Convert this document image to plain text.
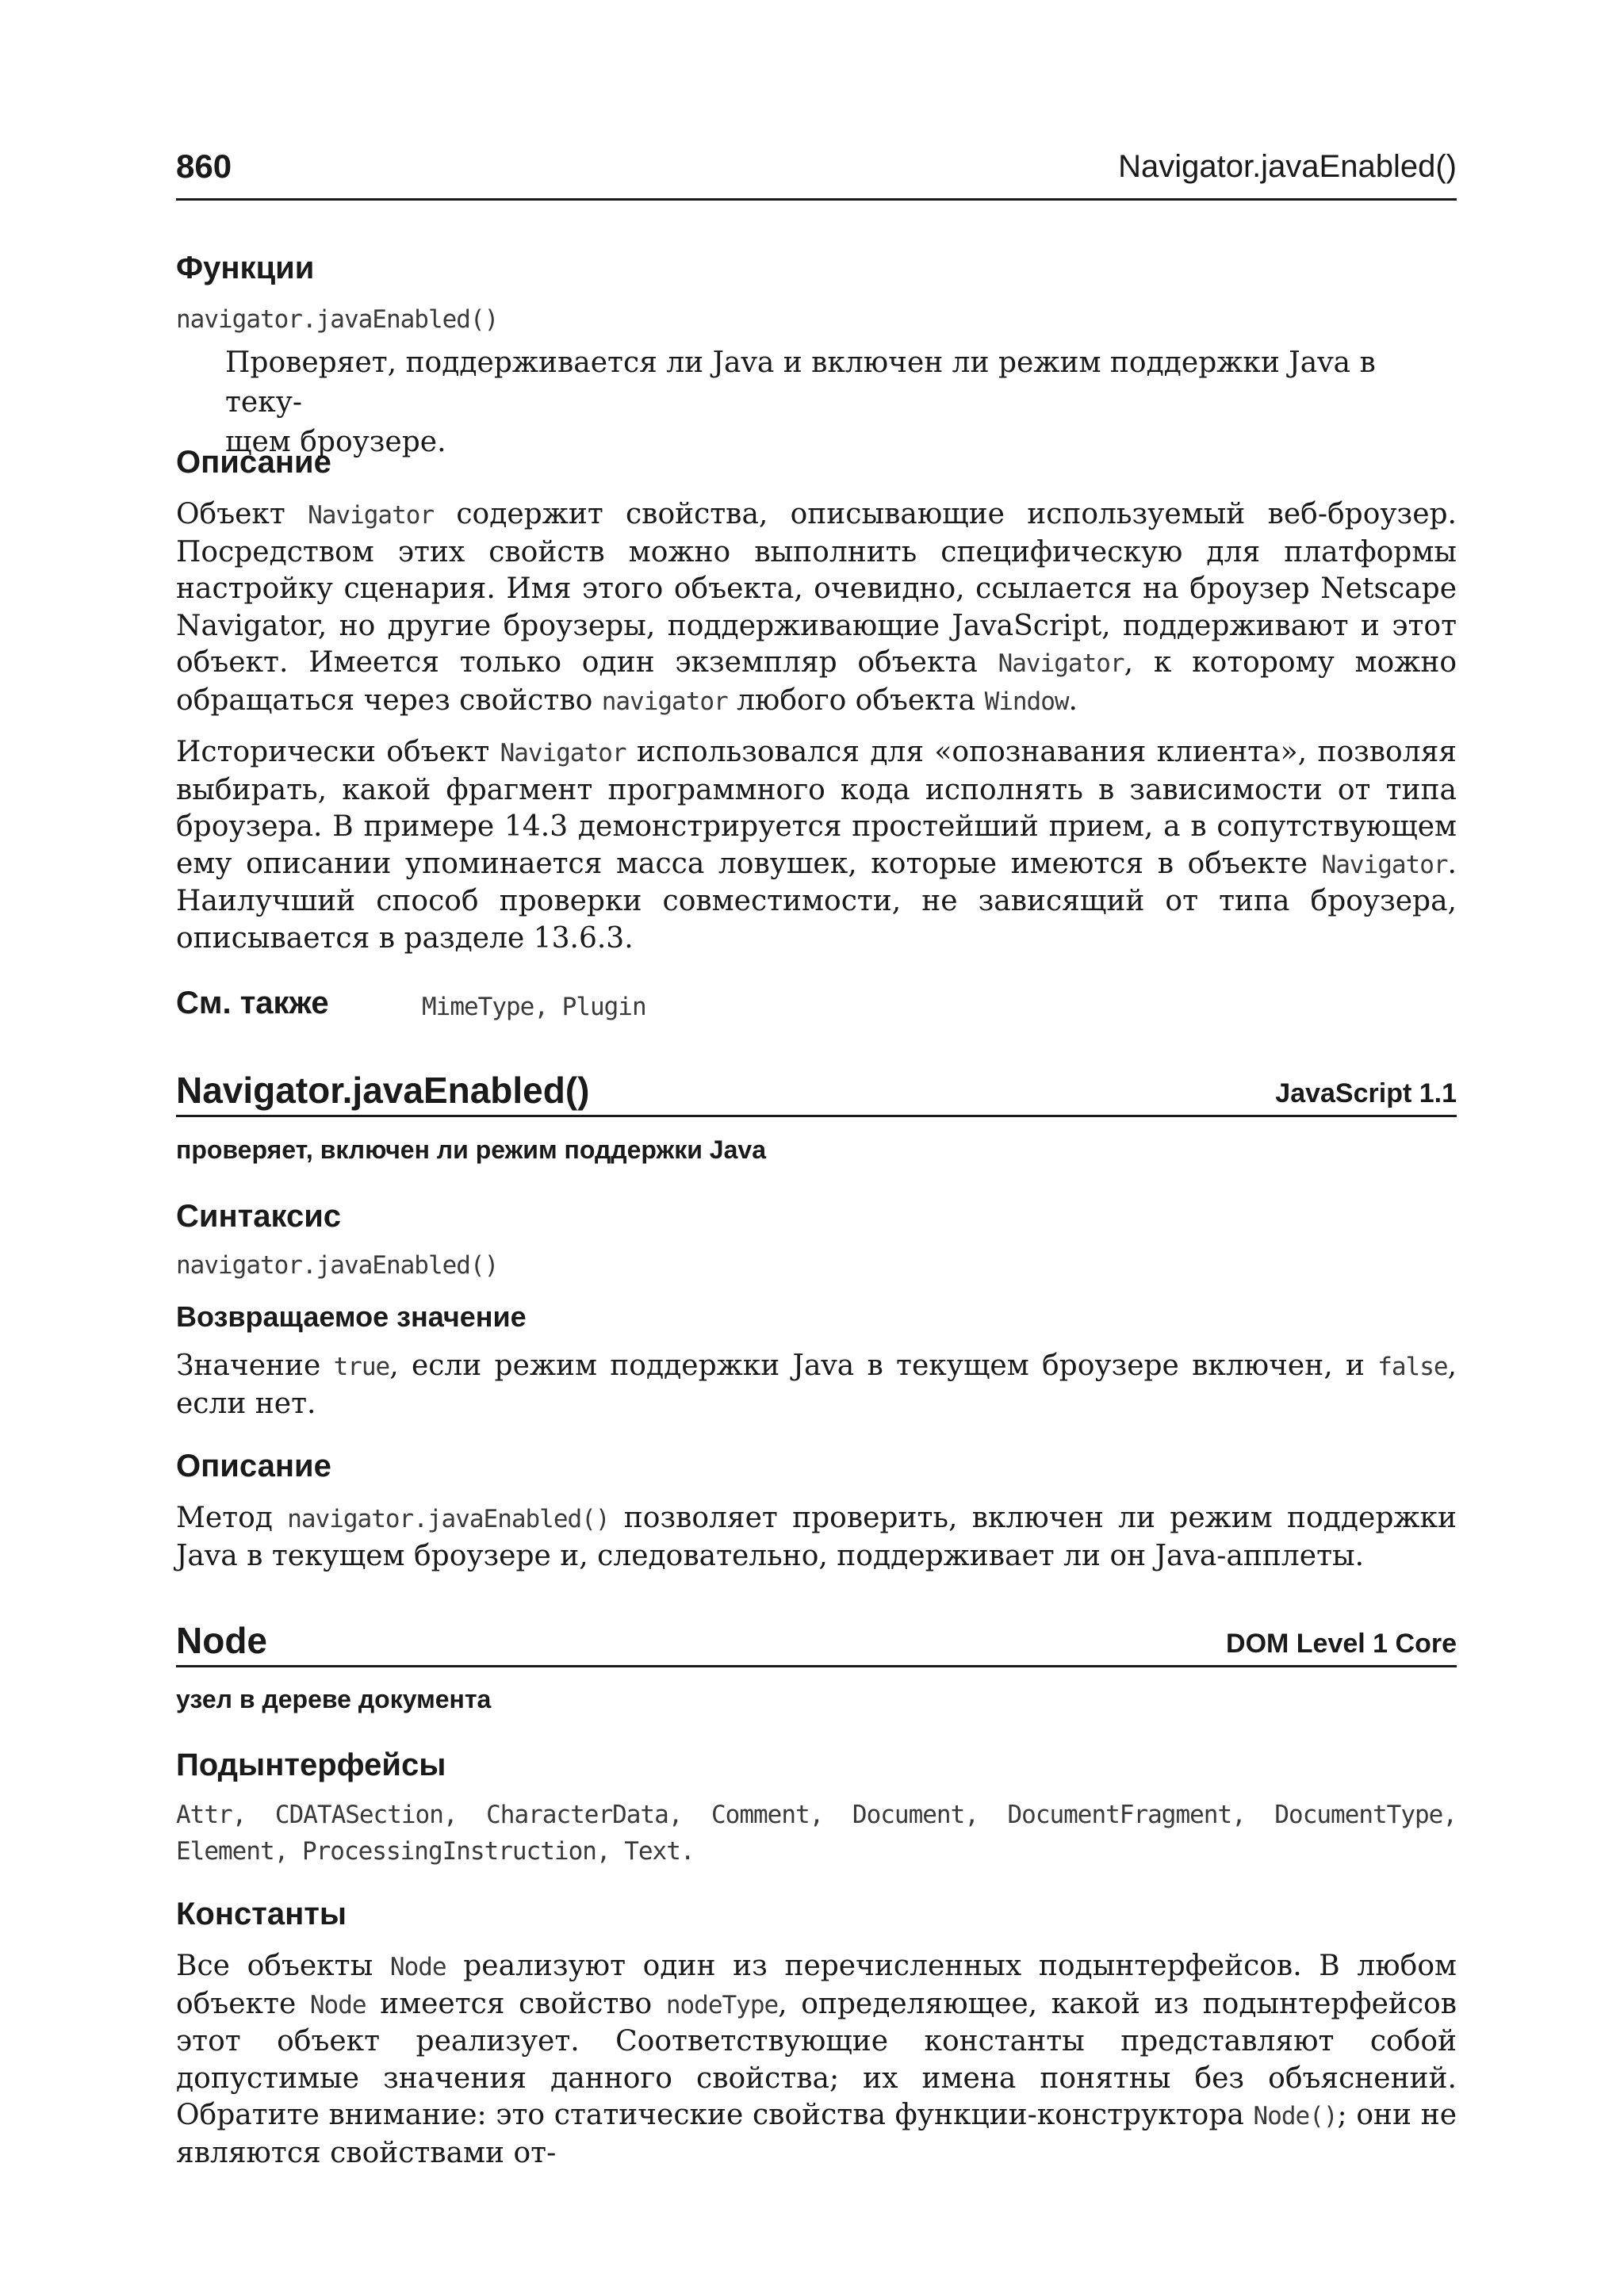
860	Navigator.javaEnabled()
Функции
navigator.javaEnabled()
Проверяет, поддерживается ли Java и включен ли режим поддержки Java в теку-
щем броузере.
Описание

Объект Navigator содержит свойства, описывающие используемый веб-броузер. Посредством этих свойств можно выполнить специфическую для платформы настройку сценария. Имя этого объекта, очевидно, ссылается на броузер Netscape Navigator, но другие броузеры, поддерживающие JavaScript, поддерживают и этот объект. Имеется только один экземпляр объекта Navigator, к которому можно обращаться через свойство navigator любого объекта Window.

Исторически объект Navigator использовался для «опознавания клиента», позволяя выбирать, какой фрагмент программного кода исполнять в зависимости от типа броузера. В примере 14.3 демонстрируется простейший прием, а в сопутствующем ему описании упоминается масса ловушек, которые имеются в объекте Navigator. Наилучший способ проверки совместимости, не зависящий от типа броузера, описывается в разделе 13.6.3.

См. также	MimeType, Plugin
Navigator.javaEnabled()	JavaScript 1.1
проверяет, включен ли режим поддержки Java
Синтаксис
navigator.javaEnabled()
Возвращаемое значение

Значение true, если режим поддержки Java в текущем броузере включен, и false, если нет.

Описание

Метод navigator.javaEnabled() позволяет проверить, включен ли режим поддержки Java в текущем броузере и, следовательно, поддерживает ли он Java-апплеты.

Node	DOM Level 1 Core
узел в дереве документа
Подынтерфейсы

Attr, CDATASection, CharacterData, Comment, Document, DocumentFragment, DocumentType, Element, ProcessingInstruction, Text.

Константы

Все объекты Node реализуют один из перечисленных подынтерфейсов. В любом объекте Node имеется свойство nodeType, определяющее, какой из подынтерфейсов этот объект реализует. Соответствующие константы представляют собой допустимые значения данного свойства; их имена понятны без объяснений. Обратите внимание: это статические свойства функции-конструктора Node(); они не являются свойствами от-
